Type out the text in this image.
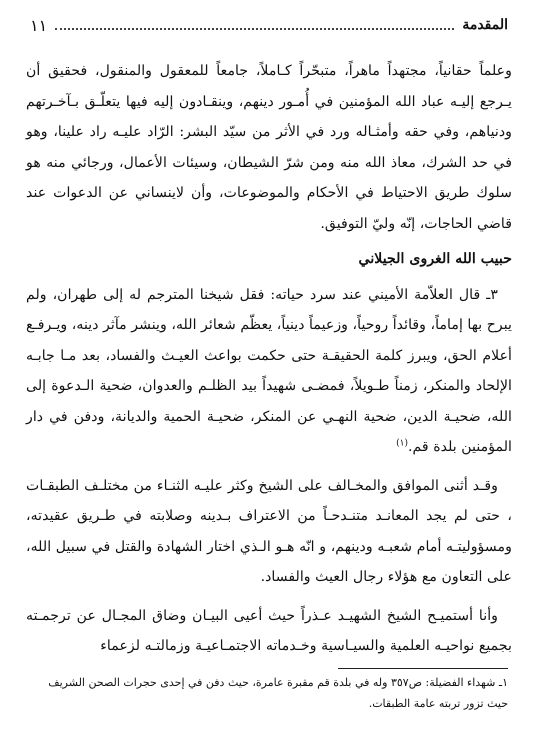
المقدمة
١١

وعلماً حقانياً، مجتهداً ماهراً، متبحّراً كـاملاً، جامعاً للمعقول والمنقول، فحقيق أن يـرجع إليـه عباد الله المؤمنين في أُمـور دينهم، وينقـادون إليه فيها يتعلّـق بـآخـرتهم ودنياهم، وفي حقه وأمثـاله ورد في الأثر من سيّد البشر: الرّاد عليـه راد علينا، وهو في حد الشرك، معاذ الله منه ومن شرّ الشيطان، وسيئات الأعمال، ورجائي منه هو سلوك طريق الاحتياط في الأحكام والموضوعات، وأن لاينساني عن الدعوات عند قاضي الحاجات، إنّه وليّ التوفيق.

حبيب الله الغروى الجيلاني

٣ـ قال العلاّمة الأميني عند سرد حياته: فقل شيخنا المترجم له إلى طهران، ولم يبرح بها إماماً، وقائداً روحياً، وزعيماً دينياً، يعظّم شعائر الله، وينشر مآثر دينه، ويـرفـع أعلام الحق، ويبرز كلمة الحقيقـة حتى حكمت بواعث العيـث والفساد، بعد مـا جابـه الإلحاد والمنكر، زمناً طـويلاً، فمضـى شهيداً بيد الظلـم والعدوان، ضحية الـدعوة إلى الله، ضحيـة الدين، ضحية النهـي عن المنكر، ضحيـة الحمية والديانة، ودفن في دار المؤمنين بلدة قم.$^{(١)}$

وقـد أثنى الموافق والمخـالف على الشيخ وكثر عليـه الثنـاء من مختلـف الطبقـات ، حتى لم يجد المعانـد متنـدحـاً من الاعتراف بـدينه وصلابته في طـريق عقيدته، ومسؤوليتـه أمام شعبـه ودينهم، و انّه هـو الـذي اختار الشهادة والقتل في سبيل الله، على التعاون مع هؤلاء رجال العيث والفساد.

وأنا أستميـح الشيخ الشهيـد عـذراً حيث أعيى البيـان وضاق المجـال عن ترجمـته بجميع نواحيـه العلمية والسيـاسية وخـدماته الاجتمـاعيـة وزمالتـه لزعماء

١ـ شهداء الفضيلة: ص٣٥٧ وله في بلدة قم مقبرة عامرة، حيث دفن في إحدى حجرات الصحن الشريف حيث تزور تربته عامة الطبقات.
